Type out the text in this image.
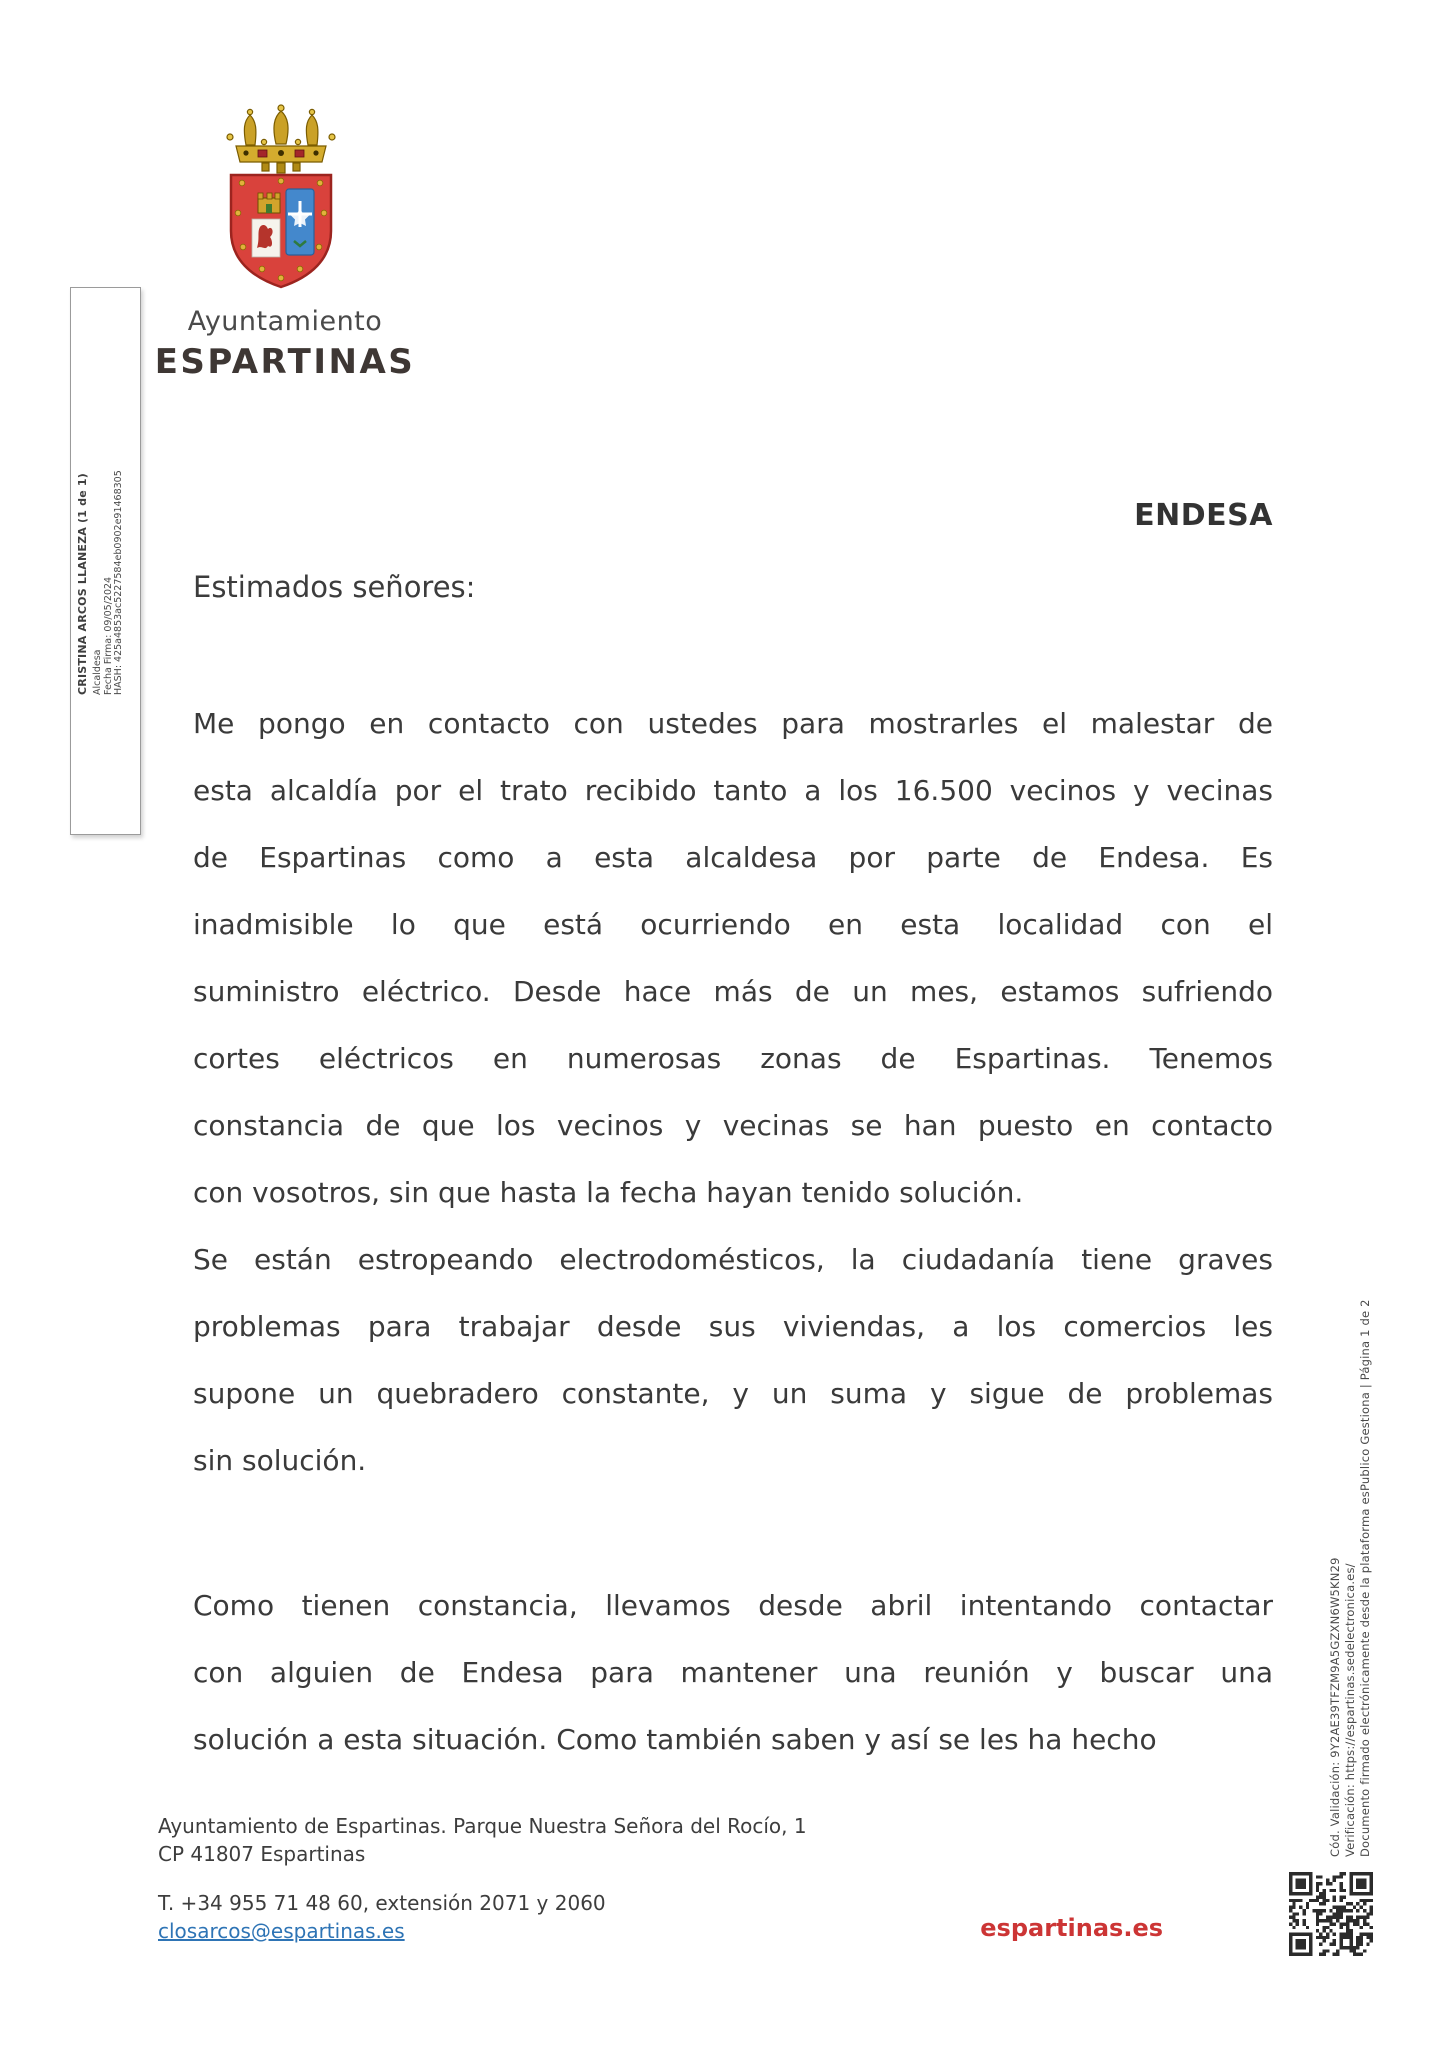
Ayuntamiento
ESPARTINAS
CRISTINA ARCOS LLANEZA (1 de 1) Alcaldesa Fecha Firma: 09/05/2024 HASH: 425a4853ac5227584eb0902e91468305	ENDESA
Estimados señores:
Me pongo en contacto con ustedes para mostrarles el malestar de
esta alcaldía por el trato recibido tanto a los 16.500 vecinos y vecinas
de Espartinas como a esta alcaldesa por parte de Endesa. Es
inadmisible lo que está ocurriendo en esta localidad con el
suministro eléctrico. Desde hace más de un mes, estamos sufriendo
cortes eléctricos en numerosas zonas de Espartinas. Tenemos
constancia de que los vecinos y vecinas se han puesto en contacto
con vosotros, sin que hasta la fecha hayan tenido solución.
Se están estropeando electrodomésticos, la ciudadanía tiene graves
problemas para trabajar desde sus viviendas, a los comercios les
supone un quebradero constante, y un suma y sigue de problemas
sin solución.
Como tienen constancia, llevamos desde abril intentando contactar
con alguien de Endesa para mantener una reunión y buscar una
solución a esta situación. Como también saben y así se les ha hecho
Ayuntamiento de Espartinas. Parque Nuestra Señora del Rocío, 1
CP 41807 Espartinas
T. +34 955 71 48 60, extensión 2071 y 2060
closarcos@espartinas.es	espartinas.es
Cód. Validación: 9Y2AE39TFZM9A5GZXN6W5KN29 Verificación: https://espartinas.sedelectronica.es/ Documento firmado electrónicamente desde la plataforma esPublico Gestiona | Página 1 de 2
